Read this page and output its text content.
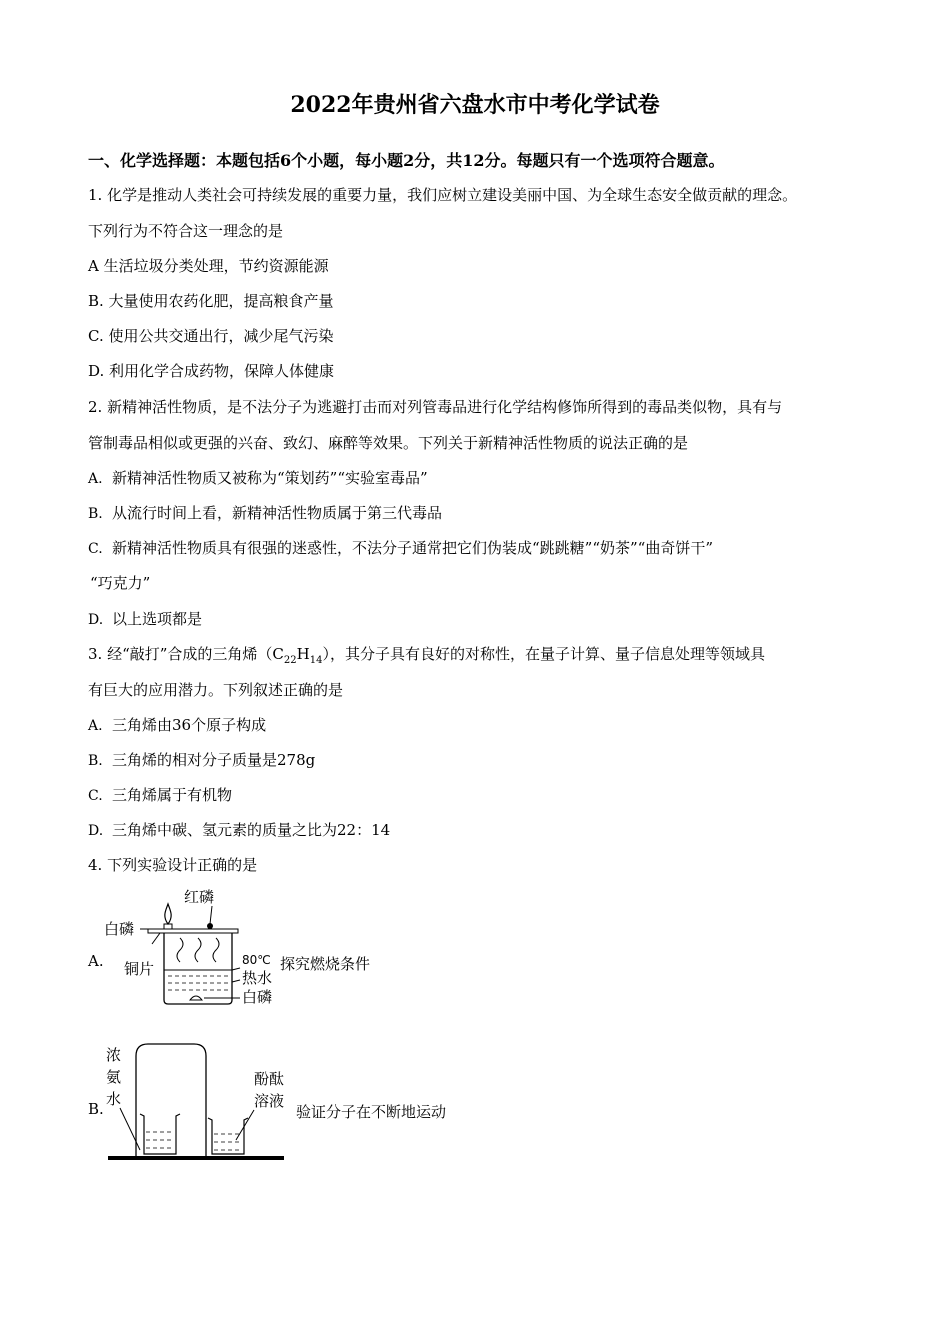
2022年贵州省六盘水市中考化学试卷
一、化学选择题：本题包括6个小题，每小题2分，共12分。每题只有一个选项符合题意。
1. 化学是推动人类社会可持续发展的重要力量，我们应树立建设美丽中国、为全球生态安全做贡献的理念。
下列行为不符合这一理念的是
A 生活垃圾分类处理，节约资源能源
B. 大量使用农药化肥，提高粮食产量
C. 使用公共交通出行，减少尾气污染
D. 利用化学合成药物，保障人体健康
2. 新精神活性物质，是不法分子为逃避打击而对列管毒品进行化学结构修饰所得到的毒品类似物，具有与
管制毒品相似或更强的兴奋、致幻、麻醉等效果。下列关于新精神活性物质的说法正确的是
A. 新精神活性物质又被称为“策划药”“实验室毒品”
B. 从流行时间上看，新精神活性物质属于第三代毒品
C. 新精神活性物质具有很强的迷惑性，不法分子通常把它们伪装成“跳跳糖”“奶茶”“曲奇饼干”
“巧克力”
D. 以上选项都是
3. 经“敲打”合成的三角烯$(C_{22}H_{14})$，其分子具有良好的对称性，在量子计算、量子信息处理等领域具
有巨大的应用潜力。下列叙述正确的是
A. 三角烯由36个原子构成
B. 三角烯的相对分子质量是278g
C. 三角烯属于有机物
D. 三角烯中碳、氢元素的质量之比为22：14
4. 下列实验设计正确的是
A.
红磷
白磷
铜片	80℃
热水
白磷
探究燃烧条件
B.
浓
氨
水
酚酞
溶液
验证分子在不断地运动
